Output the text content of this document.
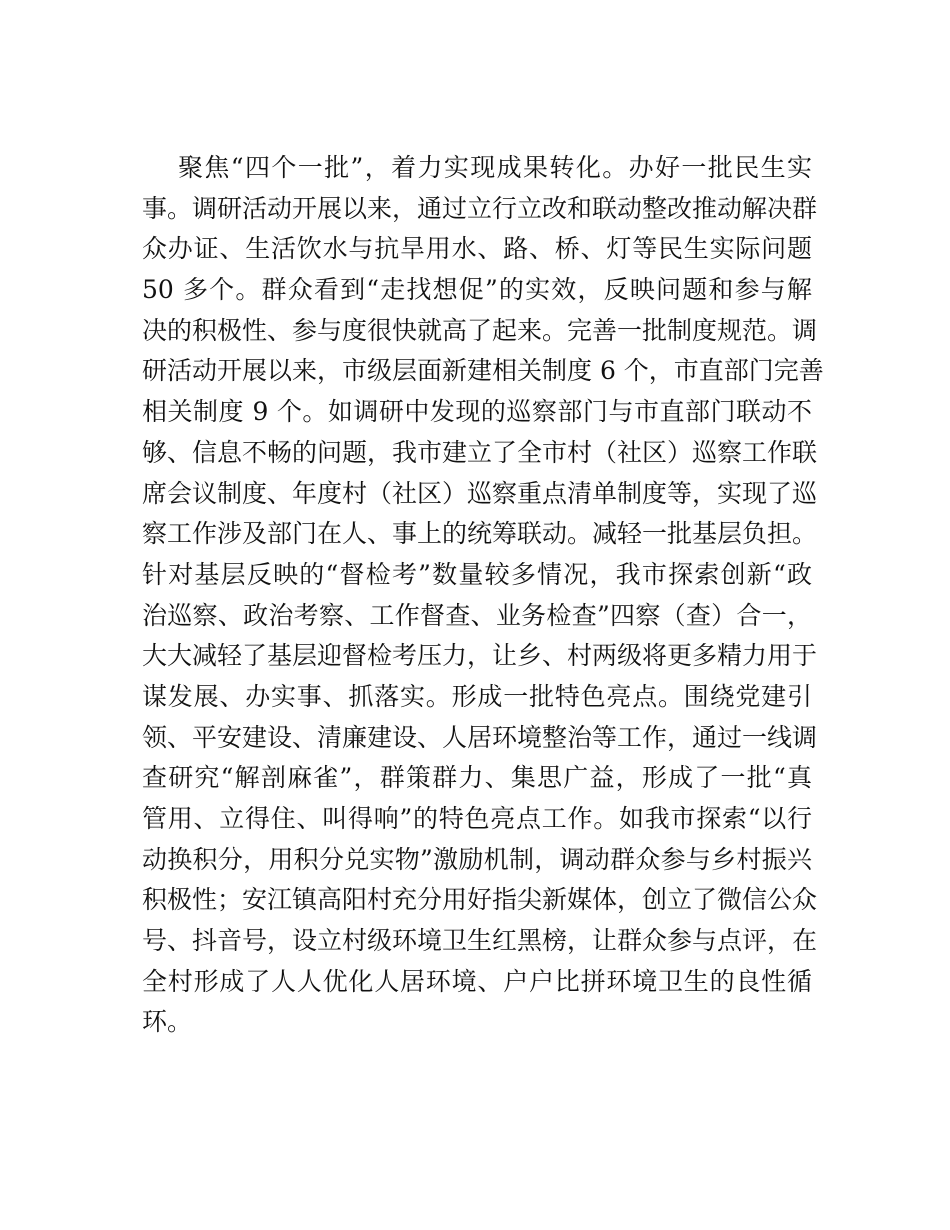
聚焦“四个一批”，着力实现成果转化。办好一批民生实
事。调研活动开展以来，通过立行立改和联动整改推动解决群
众办证、生活饮水与抗旱用水、路、桥、灯等民生实际问题
50 多个。群众看到“走找想促”的实效，反映问题和参与解
决的积极性、参与度很快就高了起来。完善一批制度规范。调
研活动开展以来，市级层面新建相关制度 6 个，市直部门完善
相关制度 9 个。如调研中发现的巡察部门与市直部门联动不
够、信息不畅的问题，我市建立了全市村（社区）巡察工作联
席会议制度、年度村（社区）巡察重点清单制度等，实现了巡
察工作涉及部门在人、事上的统筹联动。减轻一批基层负担。
针对基层反映的“督检考”数量较多情况，我市探索创新“政
治巡察、政治考察、工作督查、业务检查”四察（查）合一，
大大减轻了基层迎督检考压力，让乡、村两级将更多精力用于
谋发展、办实事、抓落实。形成一批特色亮点。围绕党建引
领、平安建设、清廉建设、人居环境整治等工作，通过一线调
查研究“解剖麻雀”，群策群力、集思广益，形成了一批“真
管用、立得住、叫得响”的特色亮点工作。如我市探索“以行
动换积分，用积分兑实物”激励机制，调动群众参与乡村振兴
积极性；安江镇高阳村充分用好指尖新媒体，创立了微信公众
号、抖音号，设立村级环境卫生红黑榜，让群众参与点评，在
全村形成了人人优化人居环境、户户比拼环境卫生的良性循
环。
